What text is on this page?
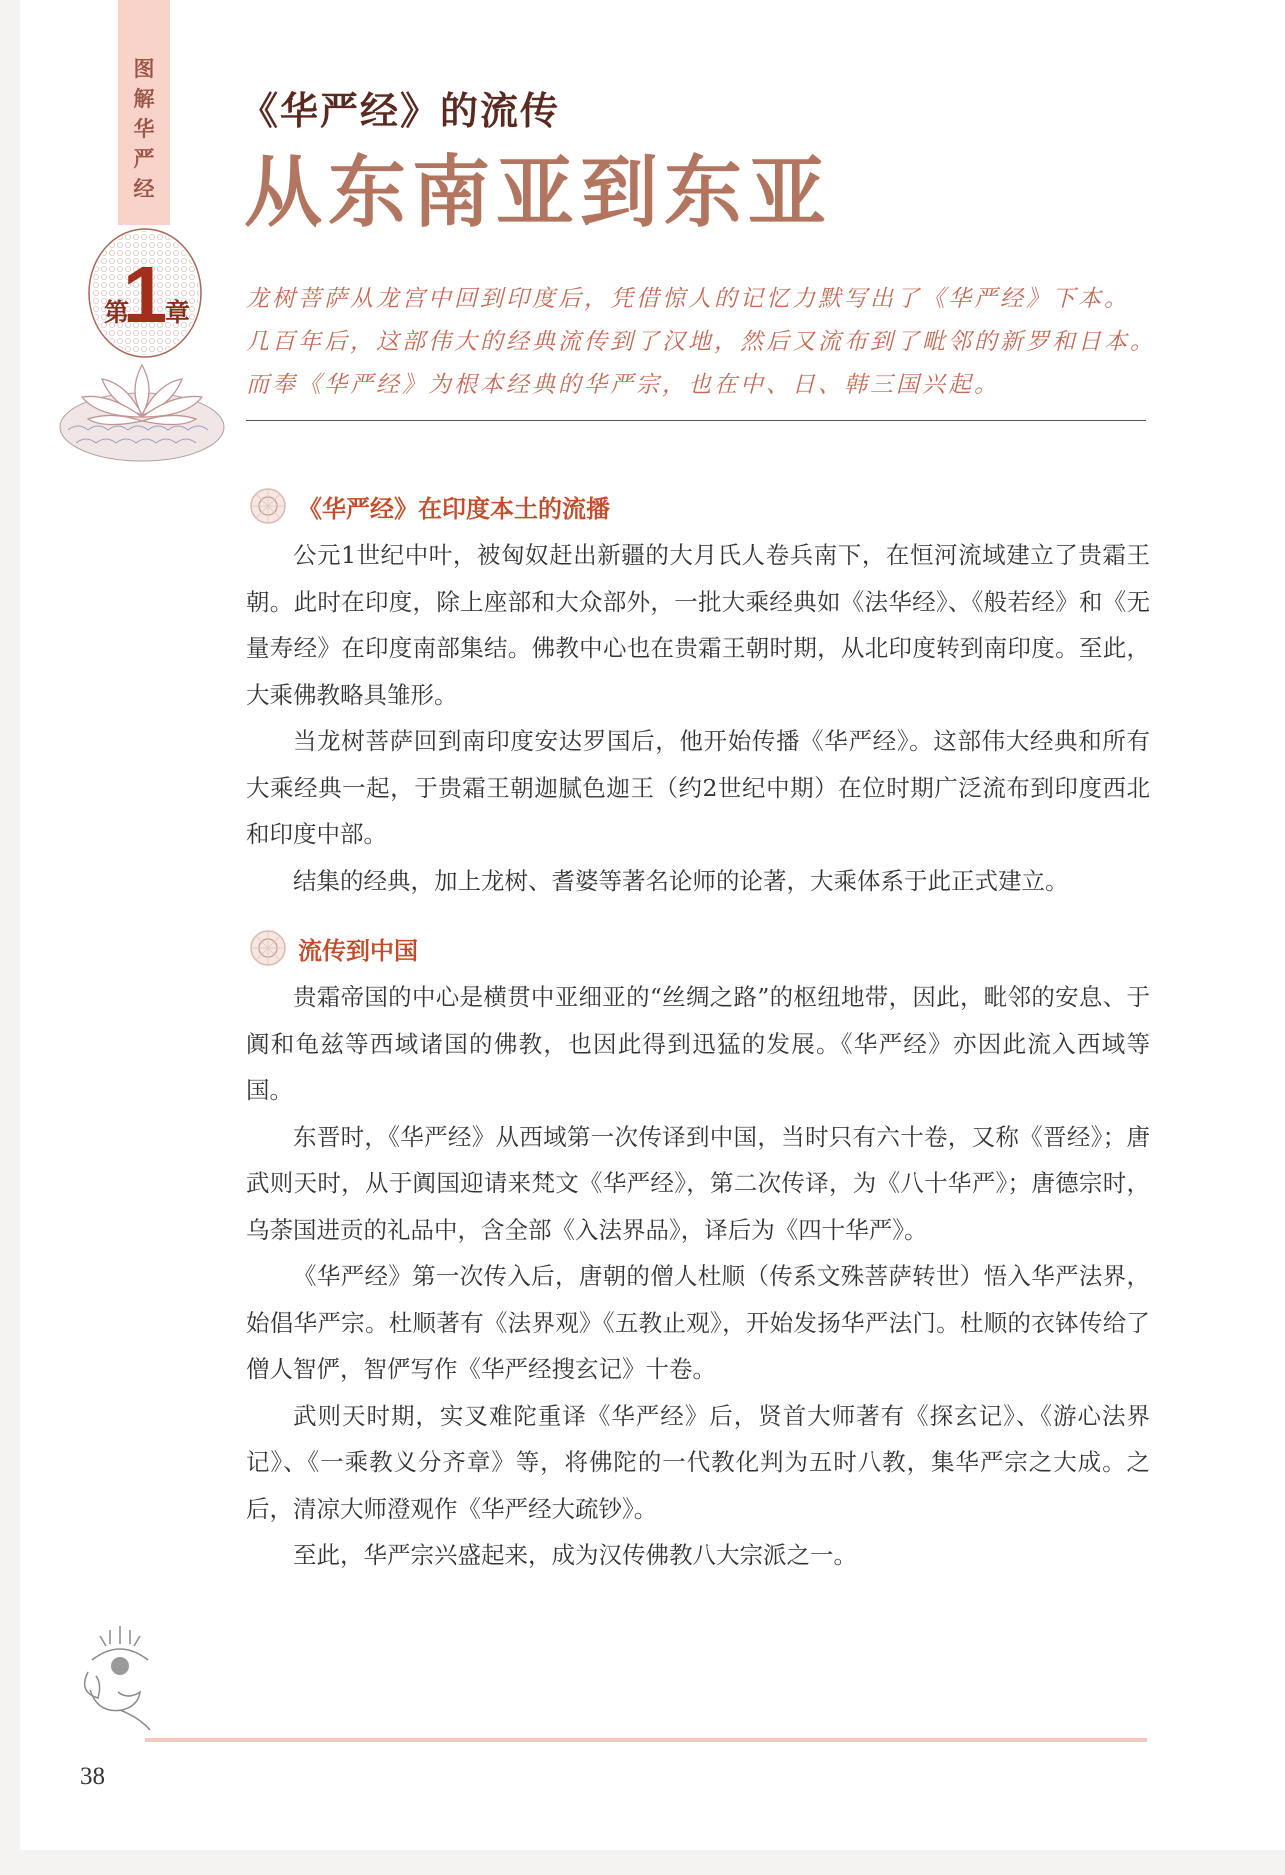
图
解
华
严
经
第
1
章
《华严经》的流传
从东南亚到东亚

龙树菩萨从龙宫中回到印度后，凭借惊人的记忆力默写出了《华严经》下本。

几百年后，这部伟大的经典流传到了汉地，然后又流布到了毗邻的新罗和日本。

而奉《华严经》为根本经典的华严宗，也在中、日、韩三国兴起。

《华严经》在印度本土的流播

公元1世纪中叶，被匈奴赶出新疆的大月氏人卷兵南下，在恒河流域建立了贵霜王朝。此时在印度，除上座部和大众部外，一批大乘经典如《法华经》、《般若经》和《无量寿经》在印度南部集结。佛教中心也在贵霜王朝时期，从北印度转到南印度。至此，大乘佛教略具雏形。

当龙树菩萨回到南印度安达罗国后，他开始传播《华严经》。这部伟大经典和所有大乘经典一起，于贵霜王朝迦腻色迦王（约2世纪中期）在位时期广泛流布到印度西北和印度中部。

结集的经典，加上龙树、耆婆等著名论师的论著，大乘体系于此正式建立。

流传到中国

贵霜帝国的中心是横贯中亚细亚的“丝绸之路”的枢纽地带，因此，毗邻的安息、于阗和龟兹等西域诸国的佛教，也因此得到迅猛的发展。《华严经》亦因此流入西域等国。

东晋时，《华严经》从西域第一次传译到中国，当时只有六十卷，又称《晋经》；唐武则天时，从于阗国迎请来梵文《华严经》，第二次传译，为《八十华严》；唐德宗时，乌荼国进贡的礼品中，含全部《入法界品》，译后为《四十华严》。

《华严经》第一次传入后，唐朝的僧人杜顺（传系文殊菩萨转世）悟入华严法界，始倡华严宗。杜顺著有《法界观》《五教止观》，开始发扬华严法门。杜顺的衣钵传给了僧人智俨，智俨写作《华严经搜玄记》十卷。

武则天时期，实叉难陀重译《华严经》后，贤首大师著有《探玄记》、《游心法界记》、《一乘教义分齐章》等，将佛陀的一代教化判为五时八教，集华严宗之大成。之后，清凉大师澄观作《华严经大疏钞》。

至此，华严宗兴盛起来，成为汉传佛教八大宗派之一。

38
